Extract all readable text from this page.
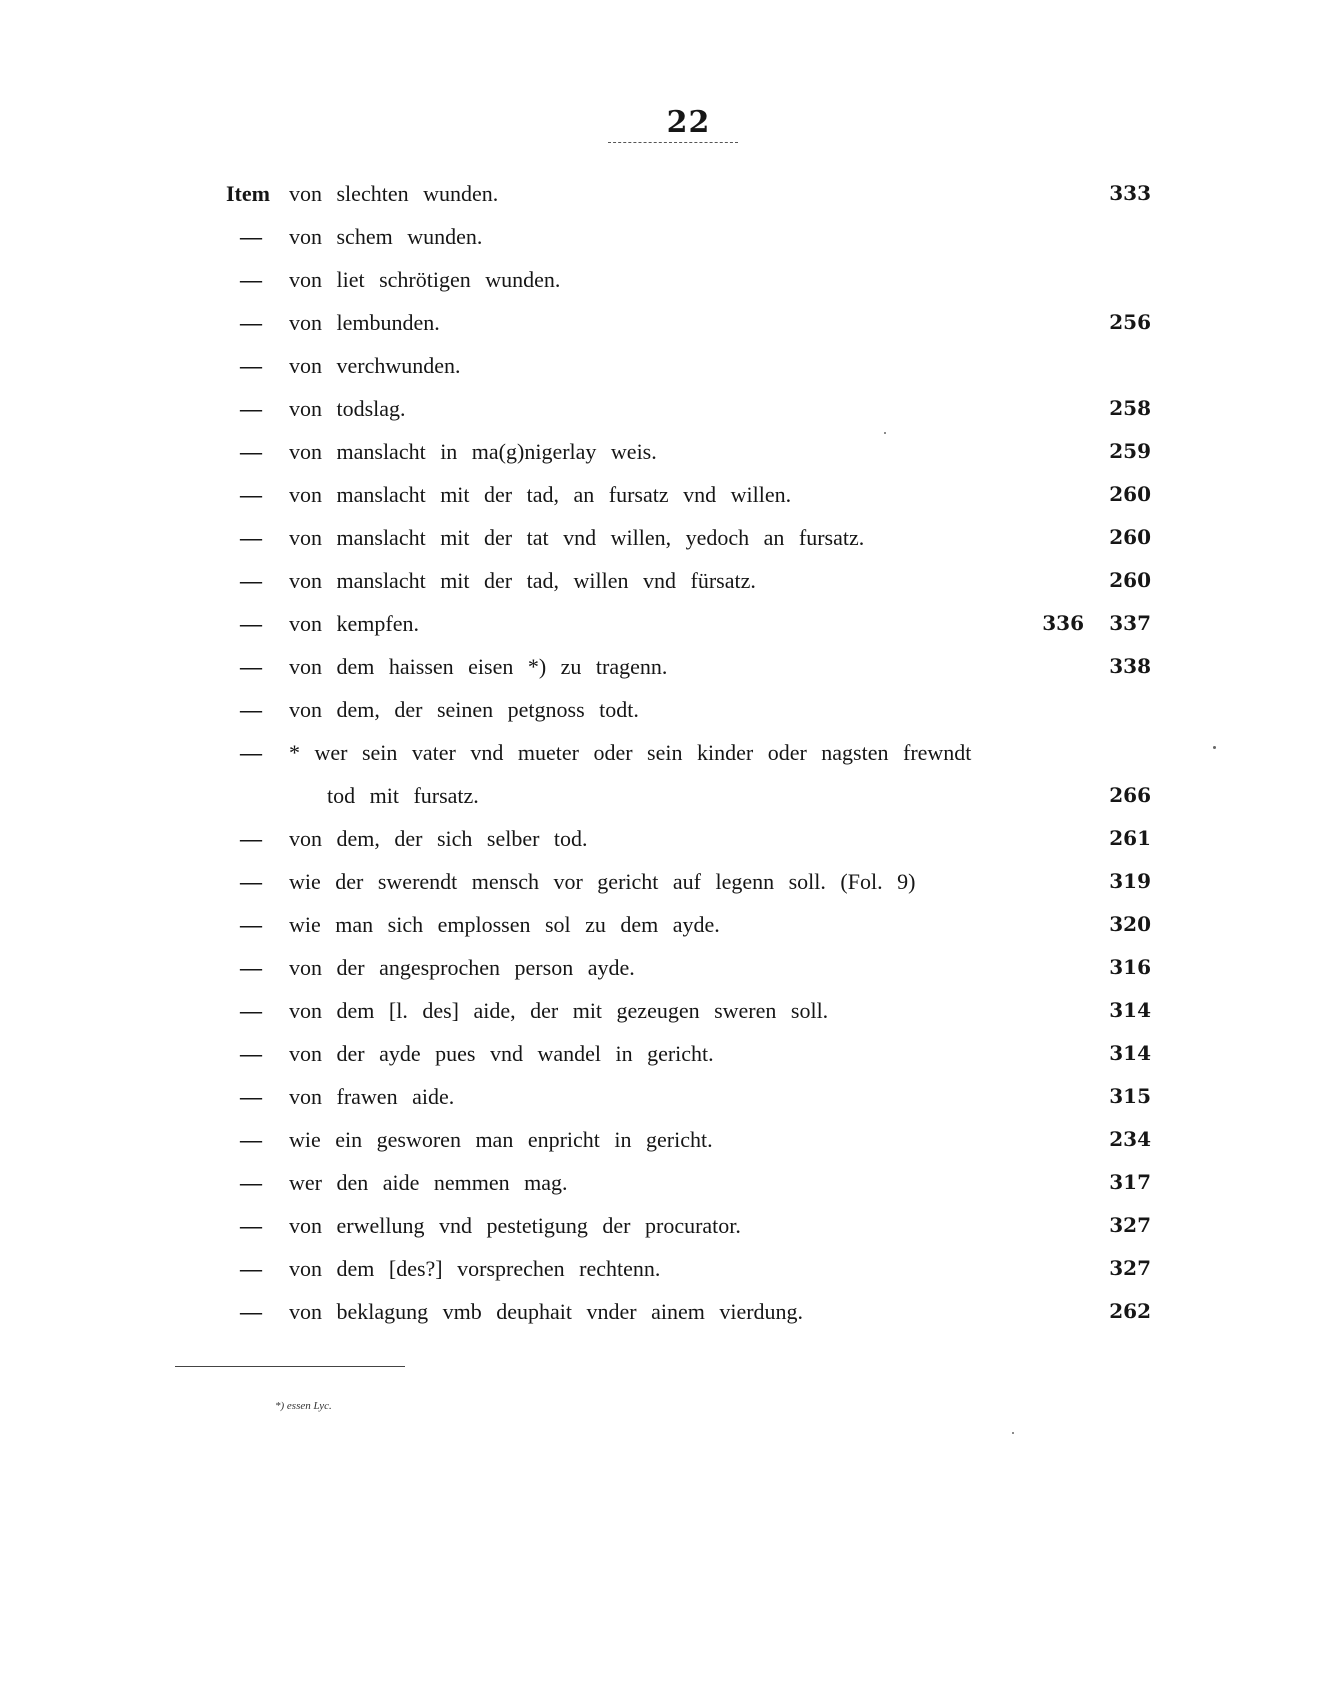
22
Item von slechten wunden.	333
—	von schem wunden.
—	von liet schrötigen wunden.
—	von lembunden.	256
—	von verchwunden.
—	von todslag.	258
—	von manslacht in ma(g)nigerlay weis.	259
—	von manslacht mit der tad, an fursatz vnd willen.	260
—	von manslacht mit der tat vnd willen, yedoch an fursatz.	260
—	von manslacht mit der tad, willen vnd fürsatz.	260
—	von kempfen.	336 337
—	von dem haissen eisen *) zu tragenn.	338
—	von dem, der seinen petgnoss todt.
—	* wer sein vater vnd mueter oder sein kinder oder nagsten frewndt
tod mit fursatz.	266
—	von dem, der sich selber tod.	261
—	wie der swerendt mensch vor gericht auf legenn soll. (Fol. 9)	319
—	wie man sich emplossen sol zu dem ayde.	320
—	von der angesprochen person ayde.	316
—	von dem [l. des] aide, der mit gezeugen sweren soll.	314
—	von der ayde pues vnd wandel in gericht.	314
—	von frawen aide.	315
—	wie ein gesworen man enpricht in gericht.	234
—	wer den aide nemmen mag.	317
—	von erwellung vnd pestetigung der procurator.	327
—	von dem [des?] vorsprechen rechtenn.	327
—	von beklagung vmb deuphait vnder ainem vierdung.	262
*) essen Lyc.
